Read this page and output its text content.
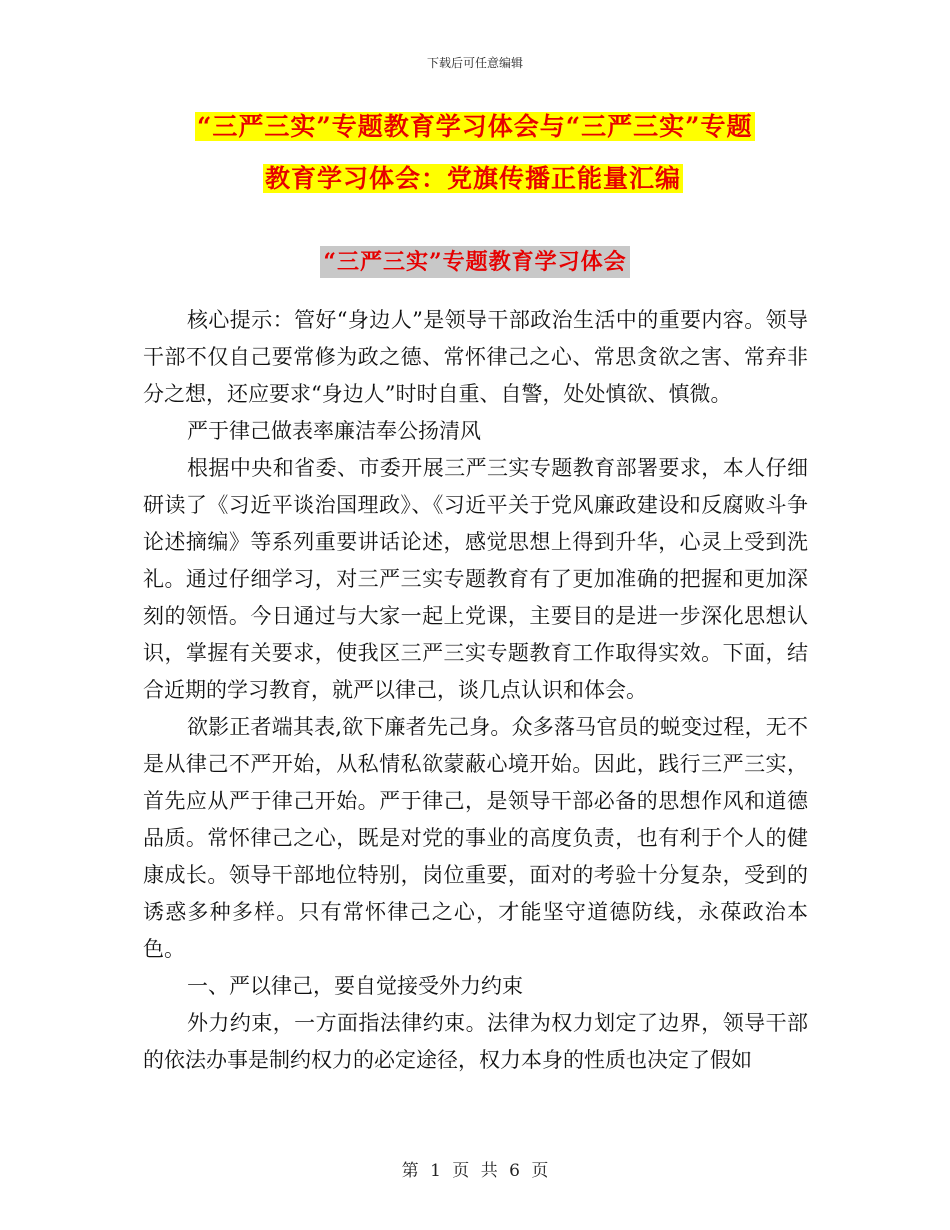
下载后可任意编辑
“三严三实”专题教育学习体会与“三严三实”专题
教育学习体会：党旗传播正能量汇编
“三严三实”专题教育学习体会

核心提示：管好“身边人”是领导干部政治生活中的重要内容。领导干部不仅自己要常修为政之德、常怀律己之心、常思贪欲之害、常弃非分之想，还应要求“身边人”时时自重、自警，处处慎欲、慎微。

严于律己做表率廉洁奉公扬清风

根据中央和省委、市委开展三严三实专题教育部署要求，本人仔细研读了《习近平谈治国理政》、《习近平关于党风廉政建设和反腐败斗争论述摘编》等系列重要讲话论述，感觉思想上得到升华，心灵上受到洗礼。通过仔细学习，对三严三实专题教育有了更加准确的把握和更加深刻的领悟。今日通过与大家一起上党课，主要目的是进一步深化思想认识，掌握有关要求，使我区三严三实专题教育工作取得实效。下面，结合近期的学习教育，就严以律己，谈几点认识和体会。

欲影正者端其表,欲下廉者先己身。众多落马官员的蜕变过程，无不是从律己不严开始，从私情私欲蒙蔽心境开始。因此，践行三严三实，首先应从严于律己开始。严于律己，是领导干部必备的思想作风和道德品质。常怀律己之心，既是对党的事业的高度负责，也有利于个人的健康成长。领导干部地位特别，岗位重要，面对的考验十分复杂，受到的诱惑多种多样。只有常怀律己之心，才能坚守道德防线，永葆政治本色。

一、严以律己，要自觉接受外力约束

外力约束，一方面指法律约束。法律为权力划定了边界，领导干部的依法办事是制约权力的必定途径，权力本身的性质也决定了假如

第 1 页 共 6 页
